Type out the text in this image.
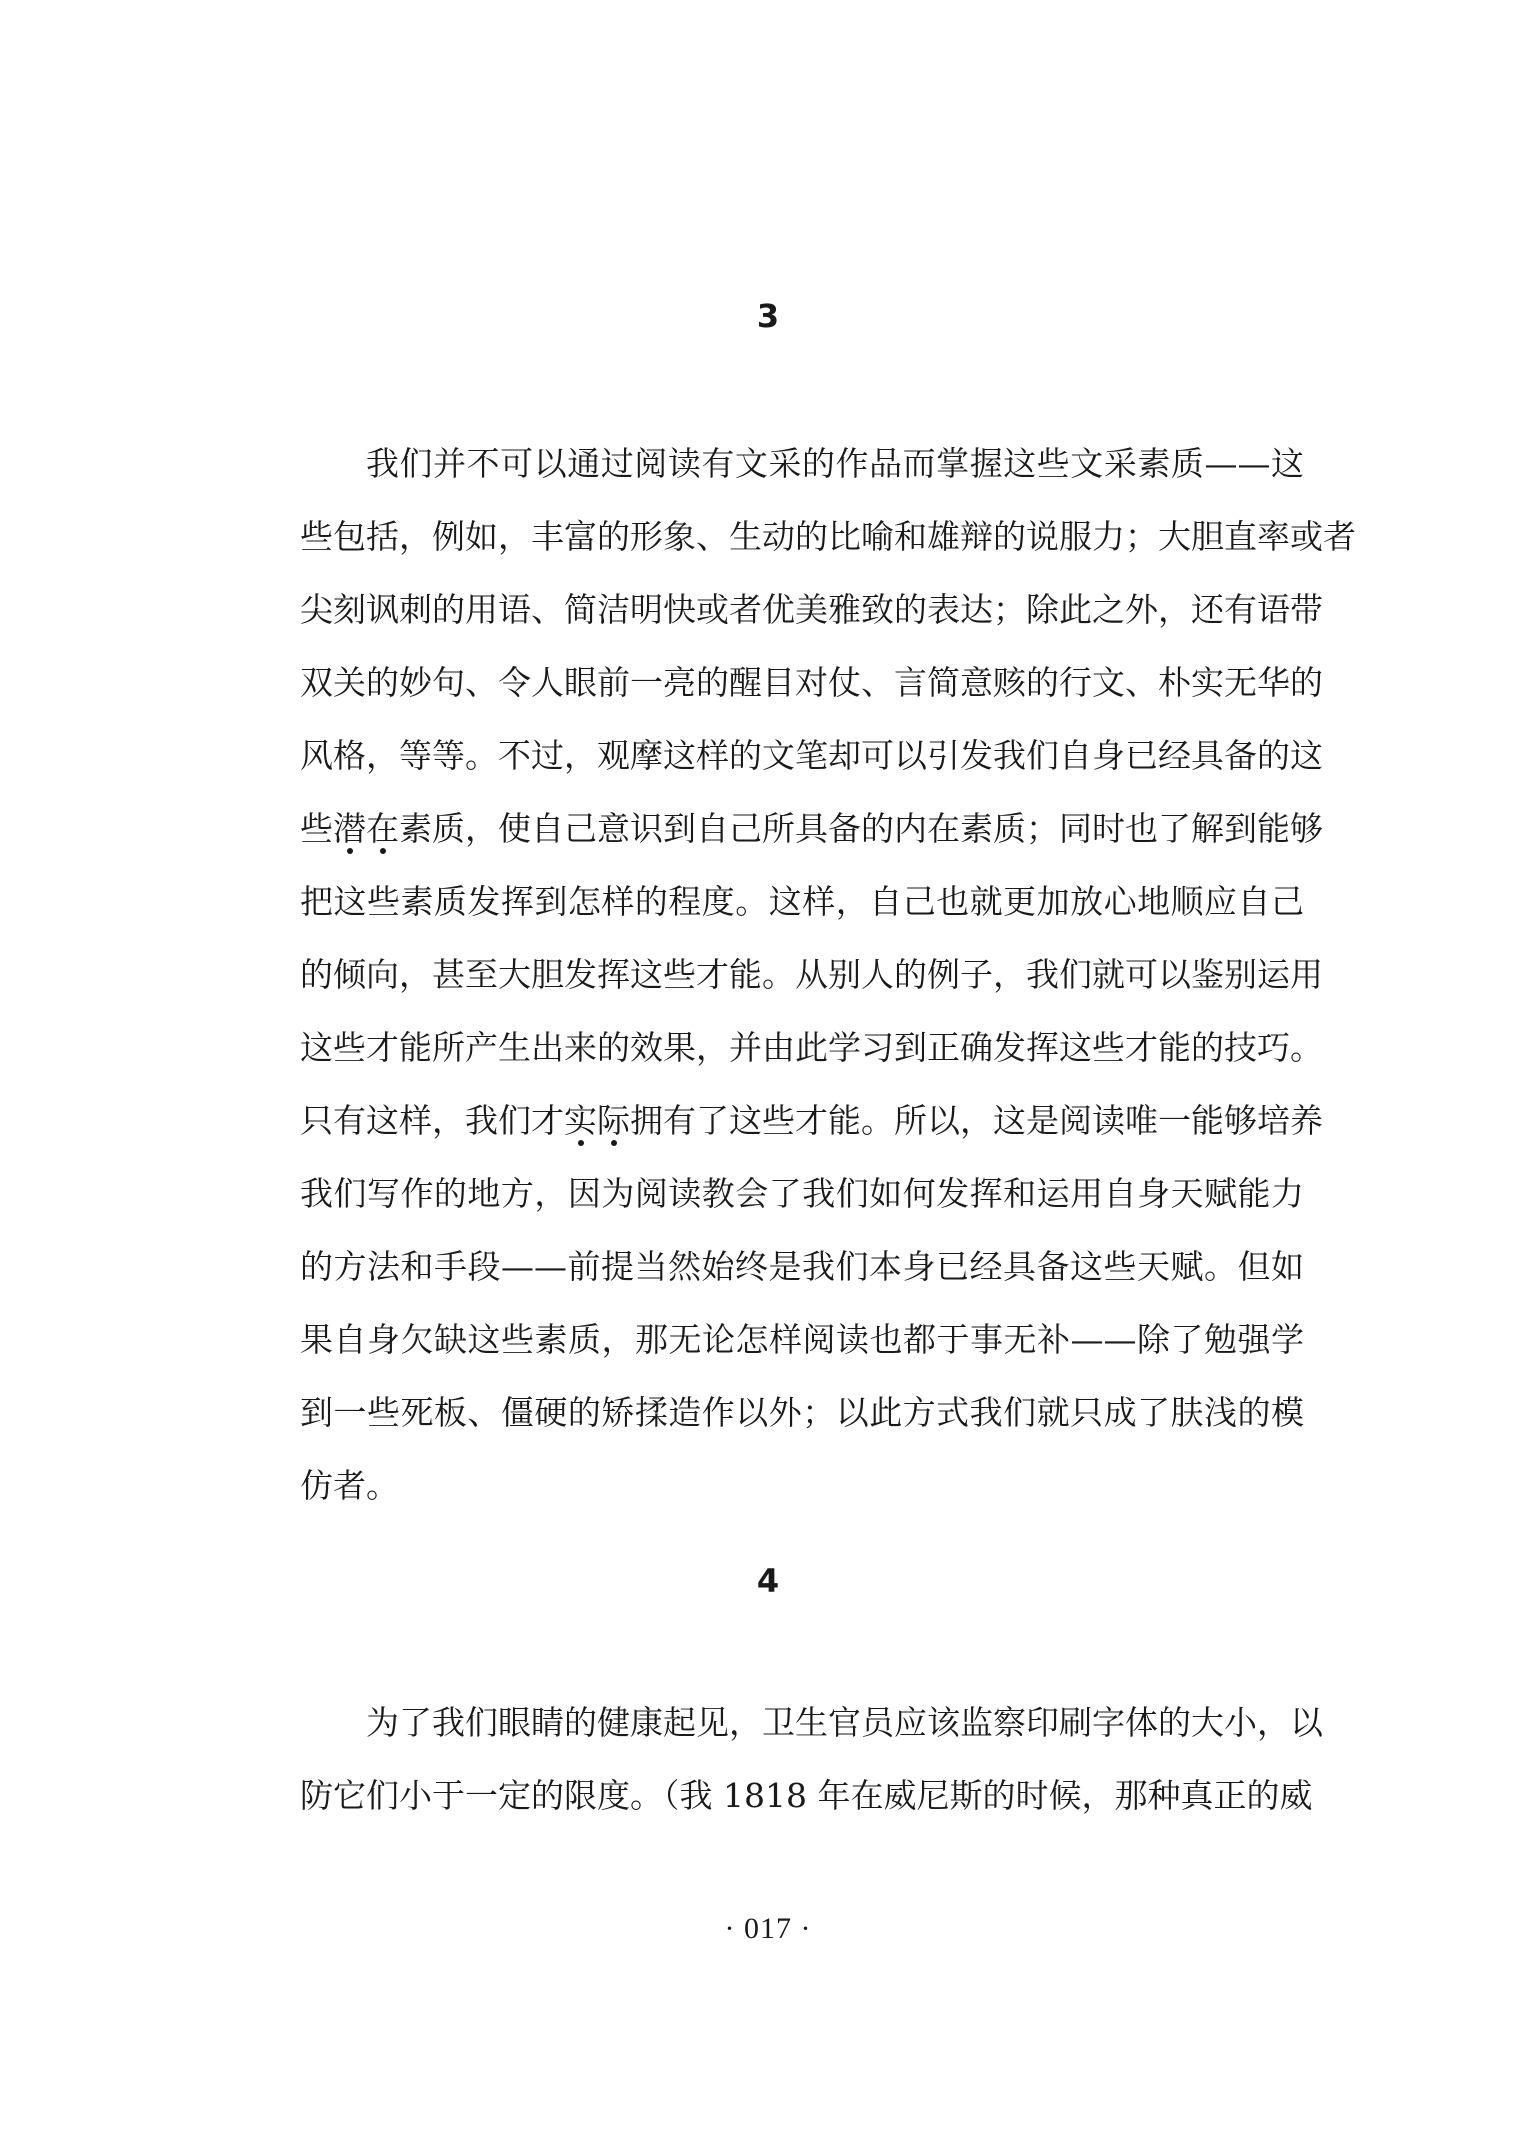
3
我们并不可以通过阅读有文采的作品而掌握这些文采素质——这
些包括，例如，丰富的形象、生动的比喻和雄辩的说服力；大胆直率或者
尖刻讽刺的用语、简洁明快或者优美雅致的表达；除此之外，还有语带
双关的妙句、令人眼前一亮的醒目对仗、言简意赅的行文、朴实无华的
风格，等等。不过，观摩这样的文笔却可以引发我们自身已经具备的这
些潜在素质，使自己意识到自己所具备的内在素质；同时也了解到能够
把这些素质发挥到怎样的程度。这样，自己也就更加放心地顺应自己
的倾向，甚至大胆发挥这些才能。从别人的例子，我们就可以鉴别运用
这些才能所产生出来的效果，并由此学习到正确发挥这些才能的技巧。
只有这样，我们才实际拥有了这些才能。所以，这是阅读唯一能够培养
我们写作的地方，因为阅读教会了我们如何发挥和运用自身天赋能力
的方法和手段——前提当然始终是我们本身已经具备这些天赋。但如
果自身欠缺这些素质，那无论怎样阅读也都于事无补——除了勉强学
到一些死板、僵硬的矫揉造作以外；以此方式我们就只成了肤浅的模
仿者。
4
为了我们眼睛的健康起见，卫生官员应该监察印刷字体的大小，以
防它们小于一定的限度。（我 1818 年在威尼斯的时候，那种真正的威
· 017 ·
